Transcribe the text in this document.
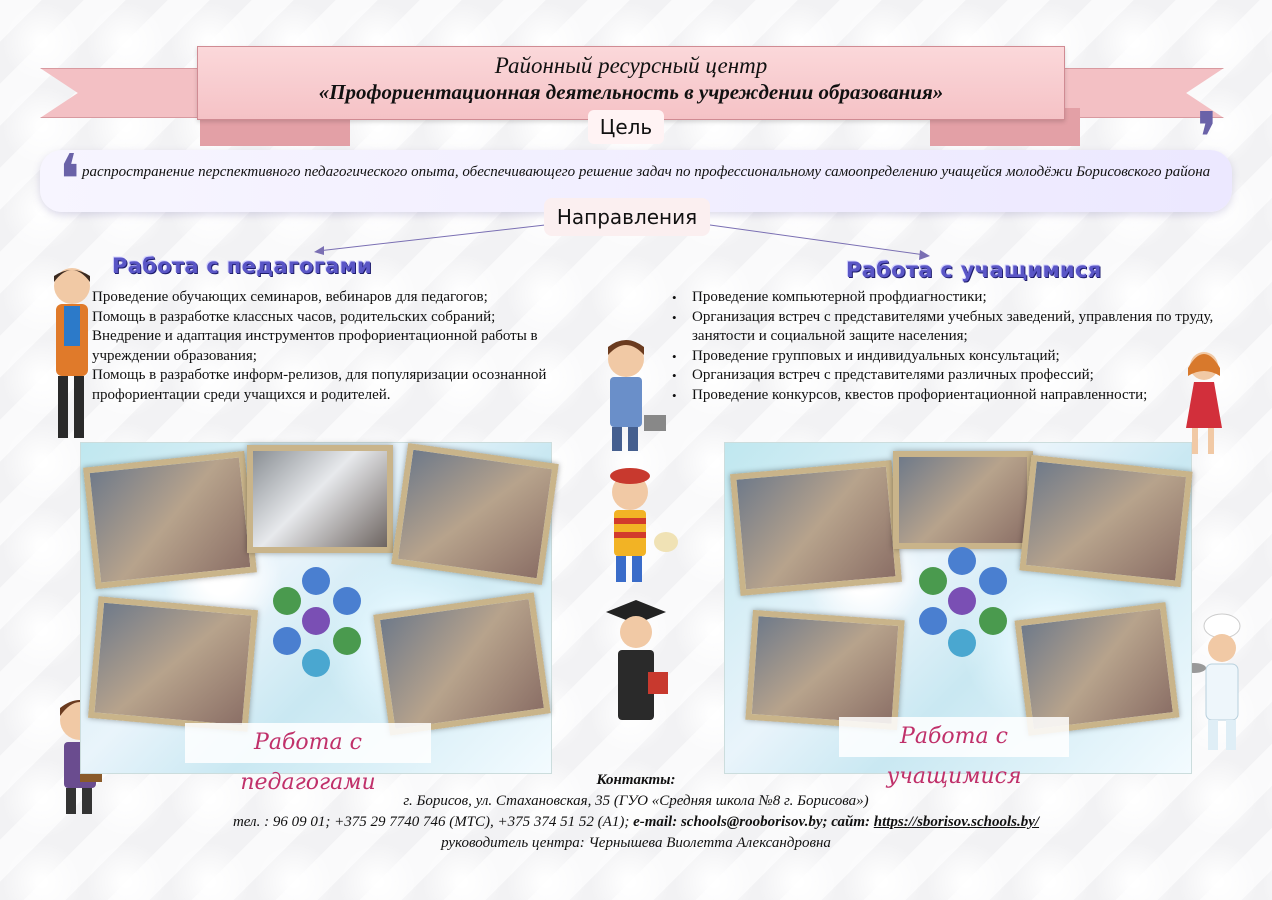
Районный ресурсный центр
«Профориентационная деятельность в учреждении образования»
❛
❜
Цель
распространение перспективного педагогического опыта, обеспечивающего решение задач по профессиональному самоопределению учащейся молодёжи Борисовского района
Направления
Работа с педагогами
Проведение обучающих семинаров, вебинаров для педагогов;
Помощь в разработке классных часов, родительских собраний;
Внедрение и адаптация инструментов профориентационной работы в учреждении образования;
Помощь в разработке информ-релизов, для популяризации осознанной профориентации среди учащихся и родителей.
Работа с учащимися
• Проведение компьютерной профдиагностики;
• Организация встреч с представителями учебных заведений, управления по труду, занятости и социальной защите населения;
• Проведение групповых и индивидуальных консультаций;
• Организация встреч с представителями различных профессий;
• Проведение конкурсов, квестов профориентационной направленности;
Работа с педагогами
Работа с учащимися
Контакты:
г. Борисов, ул. Стахановская, 35 (ГУО «Средняя школа №8 г. Борисова»)
тел. : 96 09 01; +375 29 7740 746 (МТС), +375 374 51 52 (А1); e-mail: schools@rooborisov.by; сайт: https://sborisov.schools.by/
руководитель центра: Чернышева Виолетта Александровна
